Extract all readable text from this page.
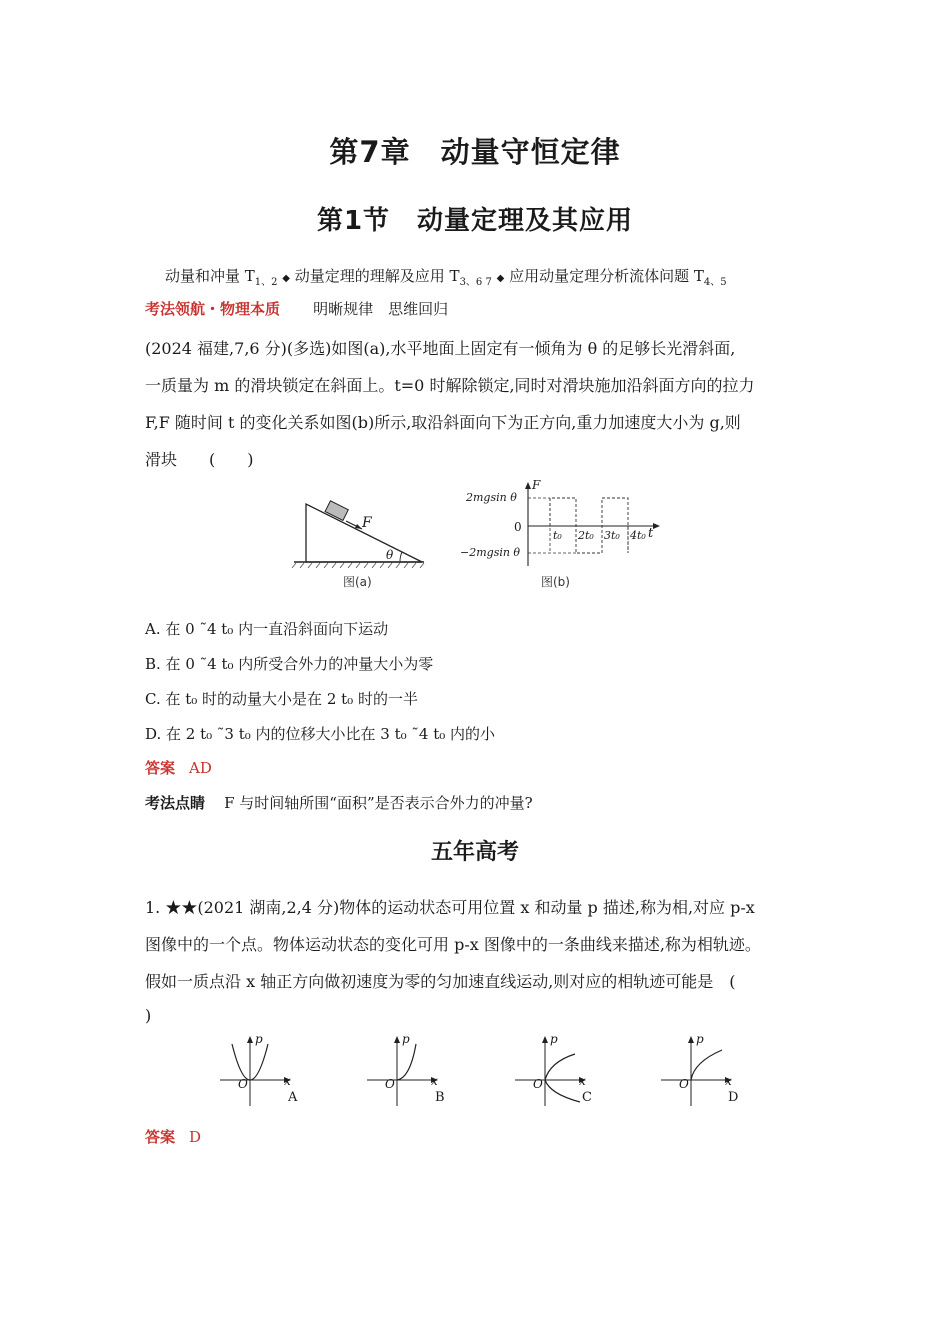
第7章　动量守恒定律
第1节　动量定理及其应用
动量和冲量 $T_{1、2}$ ◆ 动量定理的理解及应用 $T_{3、6 7}$ ◆ 应用动量定理分析流体问题 $T_{4、5}$
考法领航・物理本质 明晰规律　思维回归
(2024 福建,7,6 分)(多选)如图(a),水平地面上固定有一倾角为 θ 的足够长光滑斜面,
一质量为 m 的滑块锁定在斜面上。t=0 时解除锁定,同时对滑块施加沿斜面方向的拉力
F,F 随时间 t 的变化关系如图(b)所示,取沿斜面向下为正方向,重力加速度大小为 g,则
滑块　　(　　)
F
θ
图(a)
F
t
0
2mgsin θ
−2mgsin θ
t₀ 2t₀ 3t₀ 4t₀
图(b)
A. 在 0 ˜4 t₀ 内一直沿斜面向下运动
B. 在 0 ˜4 t₀ 内所受合外力的冲量大小为零
C. 在 t₀ 时的动量大小是在 2 t₀ 时的一半
D. 在 2 t₀ ˜3 t₀ 内的位移大小比在 3 t₀ ˜4 t₀ 内的小
答案 AD
考法点睛 F 与时间轴所围“面积”是否表示合外力的冲量?
五年高考
1. ★★(2021 湖南,2,4 分)物体的运动状态可用位置 x 和动量 p 描述,称为相,对应 p-x
图像中的一个点。物体运动状态的变化可用 p-x 图像中的一条曲线来描述,称为相轨迹。
假如一质点沿 x 轴正方向做初速度为零的匀加速直线运动,则对应的相轨迹可能是　(
)
p
x
O
A
p
x
O
B
p
x
O
C
p
x
O
D
答案 D
